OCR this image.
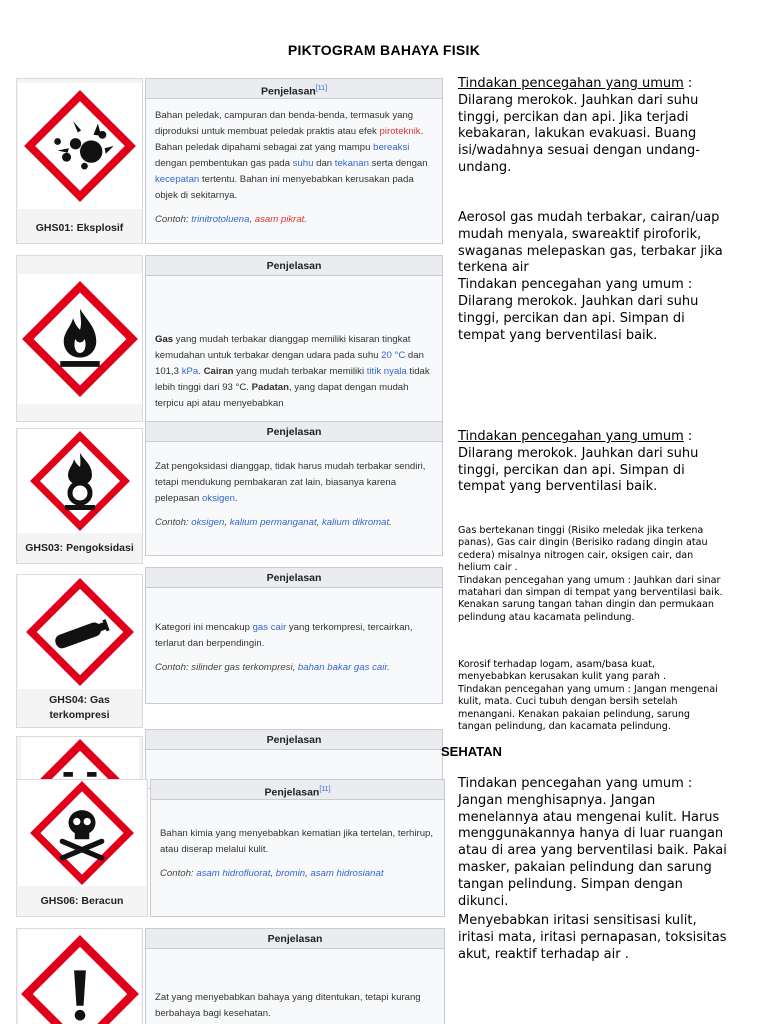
PIKTOGRAM BAHAYA FISIK
GHS01: Eksplosif
Penjelasan[11]

Bahan peledak, campuran dan benda-benda, termasuk yang diproduksi untuk membuat peledak praktis atau efek piroteknik. Bahan peledak dipahami sebagai zat yang mampu bereaksi dengan pembentukan gas pada suhu dan tekanan serta dengan kecepatan tertentu. Bahan ini menyebabkan kerusakan pada objek di sekitarnya.

Contoh: trinitrotoluena, asam pikrat.

Penjelasan

Gas yang mudah terbakar dianggap memiliki kisaran tingkat kemudahan untuk terbakar dengan udara pada suhu 20 °C dan 101,3 kPa. Cairan yang mudah terbakar memiliki titik nyala tidak lebih tinggi dari 93 °C. Padatan, yang dapat dengan mudah terpicu api atau menyebabkan

GHS03: Pengoksidasi
Penjelasan

Zat pengoksidasi dianggap, tidak harus mudah terbakar sendiri, tetapi mendukung pembakaran zat lain, biasanya karena pelepasan oksigen.

Contoh: oksigen, kalium permanganat, kalium dikromat.

GHS04: Gas terkompresi
Penjelasan

Kategori ini mencakup gas cair yang terkompresi, tercairkan, terlarut dan berpendingin.

Contoh: silinder gas terkompresi, bahan bakar gas cair.

Penjelasan
SEHATAN
GHS06: Beracun
Penjelasan[11]

Bahan kimia yang menyebabkan kematian jika tertelan, terhirup, atau diserap melalui kulit.

Contoh: asam hidrofluorat, bromin, asam hidrosianat

Penjelasan

Zat yang menyebabkan bahaya yang ditentukan, tetapi kurang berbahaya bagi kesehatan.

Tindakan pencegahan yang umum : Dilarang merokok. Jauhkan dari suhu tinggi, percikan dan api. Jika terjadi kebakaran, lakukan evakuasi. Buang isi/wadahnya sesuai dengan undang-undang.
Aerosol gas mudah terbakar, cairan/uap mudah menyala, swareaktif piroforik, swaganas melepaskan gas, terbakar jika terkena air
Tindakan pencegahan yang umum : Dilarang merokok. Jauhkan dari suhu tinggi, percikan dan api. Simpan di tempat yang berventilasi baik.
Tindakan pencegahan yang umum : Dilarang merokok. Jauhkan dari suhu tinggi, percikan dan api. Simpan di tempat yang berventilasi baik.
Gas bertekanan tinggi (Risiko meledak jika terkena panas), Gas cair dingin (Berisiko radang dingin atau cedera) misalnya nitrogen cair, oksigen cair, dan helium cair .
Tindakan pencegahan yang umum : Jauhkan dari sinar matahari dan simpan di tempat yang berventilasi baik. Kenakan sarung tangan tahan dingin dan permukaan pelindung atau kacamata pelindung.
Korosif terhadap logam, asam/basa kuat, menyebabkan kerusakan kulit yang parah .
Tindakan pencegahan yang umum : Jangan mengenai kulit, mata. Cuci tubuh dengan bersih setelah menangani. Kenakan pakaian pelindung, sarung tangan pelindung, dan kacamata pelindung.
Tindakan pencegahan yang umum : Jangan menghisapnya. Jangan menelannya atau mengenai kulit. Harus menggunakannya hanya di luar ruangan atau di area yang berventilasi baik. Pakai masker, pakaian pelindung dan sarung tangan pelindung. Simpan dengan dikunci.
Menyebabkan iritasi sensitisasi kulit, iritasi mata, iritasi pernapasan, toksisitas akut, reaktif terhadap air .
